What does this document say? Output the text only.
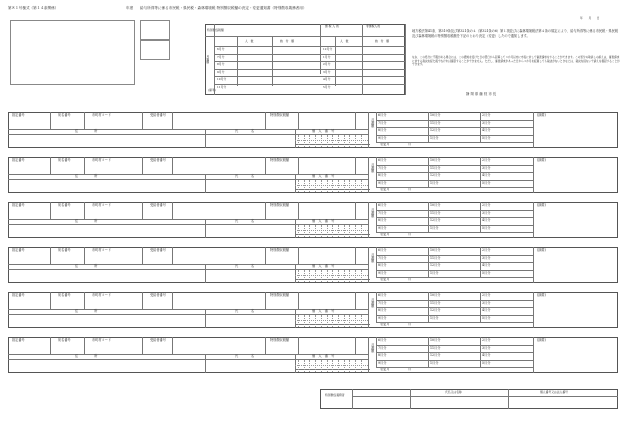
第８１号様式（第１４条関係）	年度 給与所得等に係る市民税・県民税・森林環境税 特別徴収税額の決定・変更通知書（特別徴収義務者用）
特別徴収税額
課 税 人 員	非課税人員
人　数	納　付　額	人　数	納　付　額
月割額
(備考)
6月分	12月分
7月分	1月分
8月分	2月分
9月分	3月分
10月分	4月分
11月分	5月分
年　　月　　日
地方税法第41条、第319条及び第321条の４（第321条の6）第１項並びに森林環境税法第４条の規定により、給与所得等に係る市民税・県民税及び森林環境税の特別徴収税額を下記のとおり決定（変更）したので通知します。
なお、この処分に不服がある場合には、この通知を受けた日の翌日から起算して３か月以内に市長に対して審査請求をすることができます。この処分の取消しの訴えは、審査請求に対する裁決を経た後でなければ提起することができません。ただし、審査請求があった日から３か月を経過しても裁決がないときなどは、裁決を経ないで訴えを提起することができます。
静 岡 県 藤 枝 市 長
指定番号	宛名番号	市町村コード	受給者番号	特別徴収税額
住　　　　　所	氏　　　　名	個　人　番　号
月割額
変更月	月
(摘要)
6月分	10月分	2月分
7月分	11月分	3月分
8月分	12月分	4月分
9月分	1月分	5月分
指定番号	宛名番号	市町村コード	受給者番号	特別徴収税額
住　　　　　所	氏　　　　名	個　人　番　号
月割額
変更月	月
(摘要)
6月分	10月分	2月分
7月分	11月分	3月分
8月分	12月分	4月分
9月分	1月分	5月分
指定番号	宛名番号	市町村コード	受給者番号	特別徴収税額
住　　　　　所	氏　　　　名	個　人　番　号
月割額
変更月	月
(摘要)
6月分	10月分	2月分
7月分	11月分	3月分
8月分	12月分	4月分
9月分	1月分	5月分
指定番号	宛名番号	市町村コード	受給者番号	特別徴収税額
住　　　　　所	氏　　　　名	個　人　番　号
月割額
変更月	月
(摘要)
6月分	10月分	2月分
7月分	11月分	3月分
8月分	12月分	4月分
9月分	1月分	5月分
指定番号	宛名番号	市町村コード	受給者番号	特別徴収税額
住　　　　　所	氏　　　　名	個　人　番　号
月割額
変更月	月
(摘要)
6月分	10月分	2月分
7月分	11月分	3月分
8月分	12月分	4月分
9月分	1月分	5月分
指定番号	宛名番号	市町村コード	受給者番号	特別徴収税額
住　　　　　所	氏　　　　名	個　人　番　号
月割額
変更月	月
(摘要)
6月分	10月分	2月分
7月分	11月分	3月分
8月分	12月分	4月分
9月分	1月分	5月分
特別徴収義務者
氏名又は名称	個人番号又は法人番号
